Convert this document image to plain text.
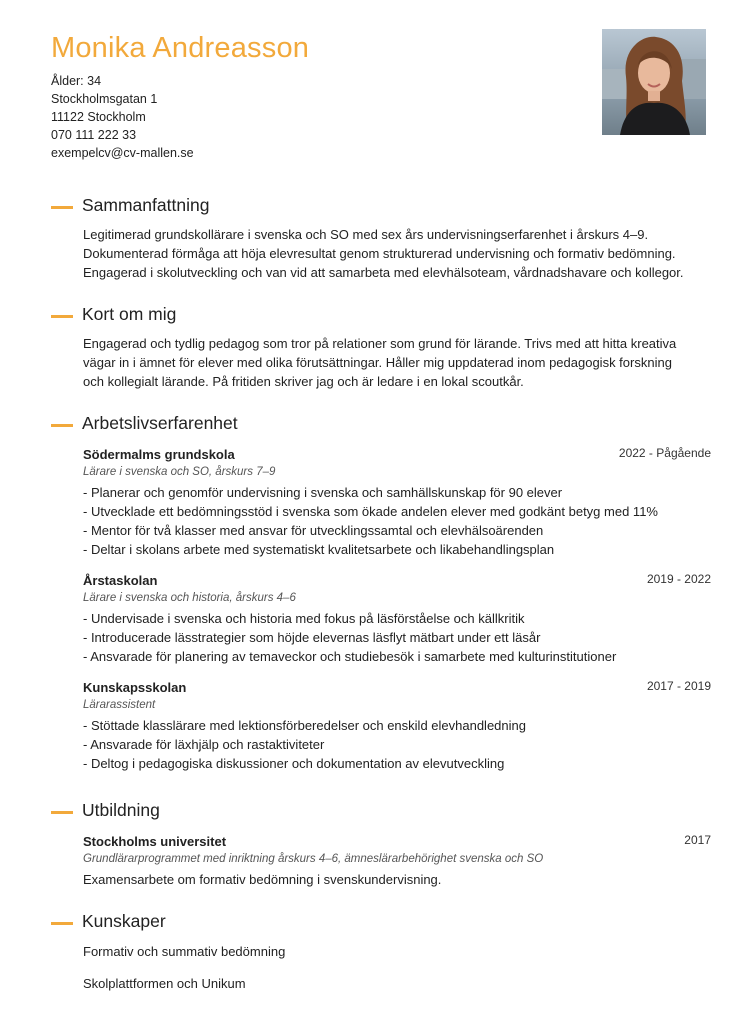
Monika Andreasson
Ålder: 34
Stockholmsgatan 1
11122 Stockholm
070 111 222 33
exempelcv@cv-mallen.se
Sammanfattning
Legitimerad grundskollärare i svenska och SO med sex års undervisningserfarenhet i årskurs 4–9.
Dokumenterad förmåga att höja elevresultat genom strukturerad undervisning och formativ bedömning.
Engagerad i skolutveckling och van vid att samarbeta med elevhälsoteam, vårdnadshavare och kollegor.
Kort om mig
Engagerad och tydlig pedagog som tror på relationer som grund för lärande. Trivs med att hitta kreativa
vägar in i ämnet för elever med olika förutsättningar. Håller mig uppdaterad inom pedagogisk forskning
och kollegialt lärande. På fritiden skriver jag och är ledare i en lokal scoutkår.
Arbetslivserfarenhet
Södermalms grundskola	2022 - Pågående
Lärare i svenska och SO, årskurs 7–9
- Planerar och genomför undervisning i svenska och samhällskunskap för 90 elever
- Utvecklade ett bedömningsstöd i svenska som ökade andelen elever med godkänt betyg med 11%
- Mentor för två klasser med ansvar för utvecklingssamtal och elevhälsoärenden
- Deltar i skolans arbete med systematiskt kvalitetsarbete och likabehandlingsplan
Årstaskolan	2019 - 2022
Lärare i svenska och historia, årskurs 4–6
- Undervisade i svenska och historia med fokus på läsförståelse och källkritik
- Introducerade lässtrategier som höjde elevernas läsflyt mätbart under ett läsår
- Ansvarade för planering av temaveckor och studiebesök i samarbete med kulturinstitutioner
Kunskapsskolan	2017 - 2019
Lärarassistent
- Stöttade klasslärare med lektionsförberedelser och enskild elevhandledning
- Ansvarade för läxhjälp och rastaktiviteter
- Deltog i pedagogiska diskussioner och dokumentation av elevutveckling
Utbildning
Stockholms universitet	2017
Grundlärarprogrammet med inriktning årskurs 4–6, ämneslärarbehörighet svenska och SO
Examensarbete om formativ bedömning i svenskundervisning.
Kunskaper
Formativ och summativ bedömning
Skolplattformen och Unikum
